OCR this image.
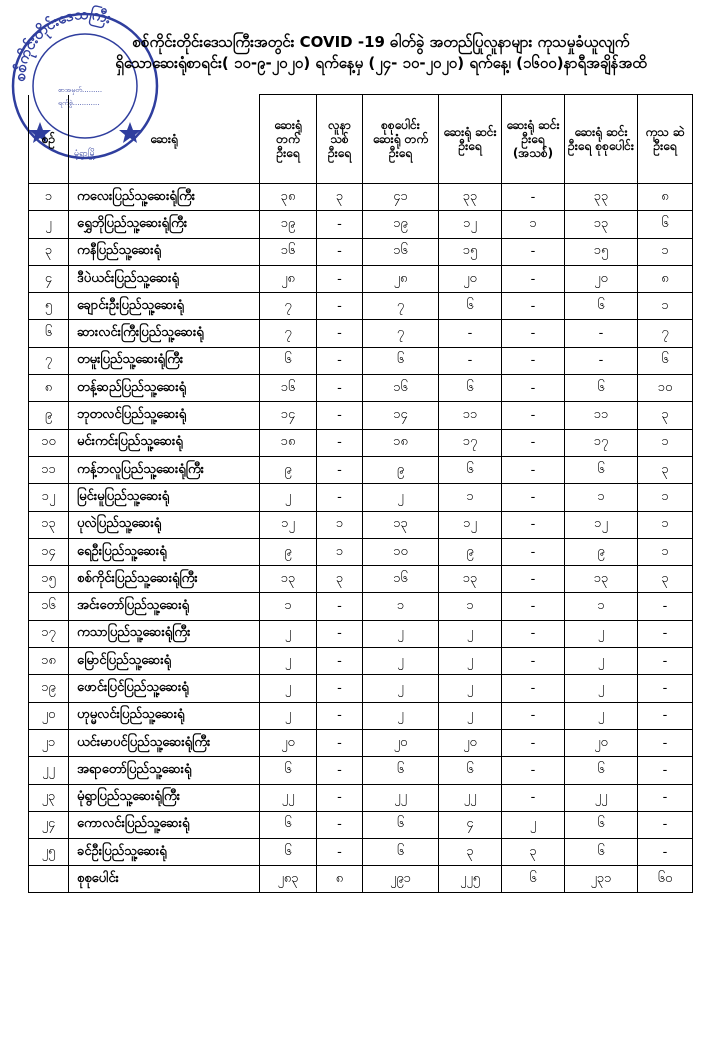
စစ်ကိုင်းတိုင်းဒေသကြီး
စာအမှတ်.........
ရက်စွဲ............
မုံရွာမြို့
စစ်ကိုင်းတိုင်းဒေသကြီးအတွင်း COVID -19 ဓါတ်ခွဲ အတည်ပြုလူနာများ ကုသမှုခံယူလျက်
ရှိသောဆေးရုံစာရင်း( ၁၀-၉-၂၀၂၀) ရက်နေ့မှ (၂၄- ၁၀-၂၀၂၀) ရက်နေ့၊ (၁၆၀၀)နာရီအချိန်အထိ
စဉ်	ဆေးရုံ	ဆေးရုံ တက် ဦးရေ	လူနာ သစ် ဦးရေ	စုစုပေါင်း ဆေးရုံ တက် ဦးရေ	ဆေးရုံ ဆင်း ဦးရေ	ဆေးရုံ ဆင်း ဦးရေ (အသစ်)	ဆေးရုံ ဆင်း ဦးရေ စုစုပေါင်း	ကုသ ဆဲ ဦးရေ
၁	ကလေးပြည်သူ့ဆေးရုံကြီး	၃၈	၃	၄၁	၃၃	-	၃၃	၈
၂	ရွှေဘိုပြည်သူ့ဆေးရုံကြီး	၁၉	-	၁၉	၁၂	၁	၁၃	၆
၃	ကနီပြည်သူ့ဆေးရုံ	၁၆	-	၁၆	၁၅	-	၁၅	၁
၄	ဒီပဲယင်းပြည်သူ့ဆေးရုံ	၂၈	-	၂၈	၂၀	-	၂၀	၈
၅	ချောင်းဦးပြည်သူ့ဆေးရုံ	၇	-	၇	၆	-	၆	၁
၆	ဆားလင်းကြီးပြည်သူ့ဆေးရုံ	၇	-	၇	-	-	-	၇
၇	တမူးပြည်သူ့ဆေးရုံကြီး	၆	-	၆	-	-	-	၆
၈	တန့်ဆည်ပြည်သူ့ဆေးရုံ	၁၆	-	၁၆	၆	-	၆	၁၀
၉	ဘုတလင်ပြည်သူ့ဆေးရုံ	၁၄	-	၁၄	၁၁	-	၁၁	၃
၁၀	မင်းကင်းပြည်သူ့ဆေးရုံ	၁၈	-	၁၈	၁၇	-	၁၇	၁
၁၁	ကန့်ဘလူပြည်သူ့ဆေးရုံကြီး	၉	-	၉	၆	-	၆	၃
၁၂	မြင်းမူပြည်သူ့ဆေးရုံ	၂	-	၂	၁	-	၁	၁
၁၃	ပုလဲပြည်သူ့ဆေးရုံ	၁၂	၁	၁၃	၁၂	-	၁၂	၁
၁၄	ရေဦးပြည်သူ့ဆေးရုံ	၉	၁	၁၀	၉	-	၉	၁
၁၅	စစ်ကိုင်းပြည်သူ့ဆေးရုံကြီး	၁၃	၃	၁၆	၁၃	-	၁၃	၃
၁၆	အင်းတော်ပြည်သူ့ဆေးရုံ	၁	-	၁	၁	-	၁	-
၁၇	ကသာပြည်သူ့ဆေးရုံကြီး	၂	-	၂	၂	-	၂	-
၁၈	မြောင်ပြည်သူ့ဆေးရုံ	၂	-	၂	၂	-	၂	-
၁၉	ဖောင်းပြင်ပြည်သူ့ဆေးရုံ	၂	-	၂	၂	-	၂	-
၂၀	ဟုမ္မလင်းပြည်သူ့ဆေးရုံ	၂	-	၂	၂	-	၂	-
၂၁	ယင်းမာပင်ပြည်သူ့ဆေးရုံကြီး	၂၀	-	၂၀	၂၀	-	၂၀	-
၂၂	အရာတော်ပြည်သူ့ဆေးရုံ	၆	-	၆	၆	-	၆	-
၂၃	မုံရွာပြည်သူ့ဆေးရုံကြီး	၂၂	-	၂၂	၂၂	-	၂၂	-
၂၄	ကောလင်းပြည်သူ့ဆေးရုံ	၆	-	၆	၄	၂	၆	-
၂၅	ခင်ဦးပြည်သူ့ဆေးရုံ	၆	-	၆	၃	၃	၆	-
	စုစုပေါင်း	၂၈၃	၈	၂၉၁	၂၂၅	၆	၂၃၁	၆၀
